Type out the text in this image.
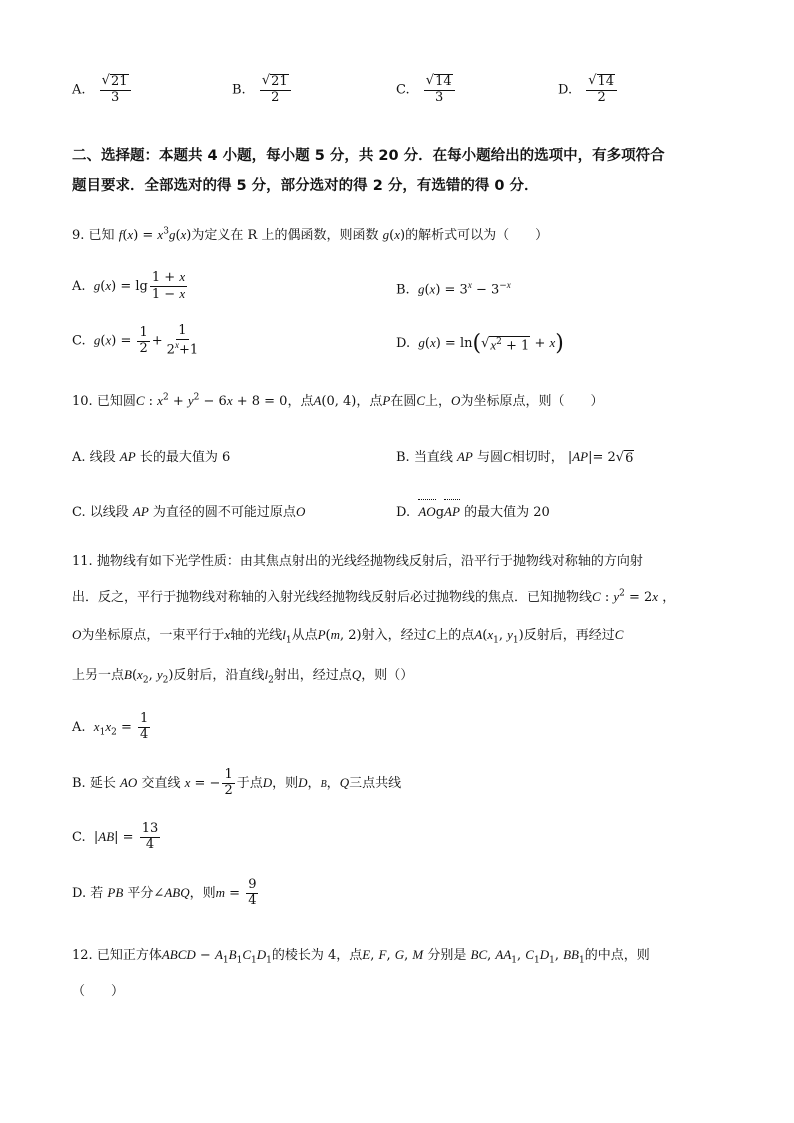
A. $\frac{√ 21}{3}$	B. $\frac{√ 21}{2}$	C. $\frac{√ 14}{3}$	D. $\frac{√ 14}{2}$
二、选择题：本题共 4 小题，每小题 5 分，共 20 分．在每小题给出的选项中，有多项符合
题目要求．全部选对的得 5 分，部分选对的得 2 分，有选错的得 0 分．
9. 已知 $f(x) = x^3g(x)$为定义在 R 上的偶函数，则函数 g(x)的解析式可以为（　　）
A. $g(x) = \lg \frac{1 + x}{1 - x}$	B. $g(x) = 3^x - 3^{-x}$
C. $g(x) = \frac{1}{2} + \frac{1}{2^x+1}$	D. g(x) = ln( √ $x^2 + 1 + x$)
10. 已知圆C : $x^2 + y^2 - 6x + 8 = 0$，点A(0, 4)，点P在圆C上，O为坐标原点，则（　　）
A. 线段 AP 长的最大值为 6	B. 当直线 AP 与圆C相切时， |AP|= 2 √ 6
C. 以线段 AP 为直径的圆不可能过原点O	D. AOgAP 的最大值为 20
11. 抛物线有如下光学性质：由其焦点射出的光线经抛物线反射后，沿平行于抛物线对称轴的方向射
出．反之，平行于抛物线对称轴的入射光线经抛物线反射后必过抛物线的焦点．已知抛物线C : $y^2 = 2x$ ，
O为坐标原点，一束平行于x轴的光线$l_1$从点P(m, 2)射入，经过C上的点$A(x_1$, $y_1$)反射后，再经过C
上另一点$B(x_2$, $y_2$)反射后，沿直线$l_2$射出，经过点Q，则（）
A. $x_1x_2 = \frac{1}{4}$
B. 延长 AO 交直线 x = − $\frac{1}{2}$ 于点D，则D，B，Q三点共线
C.  $|AB| = \frac{13}{4}$
D. 若 PB 平分∠ABQ，则$m = \frac{9}{4}$
12. 已知正方体ABCD − $A_1B_1C_1D_1$的棱长为 4，点E, F, G, M 分别是 BC, $AA_1$, $C_1D_1$, $BB_1$的中点，则
（　　）
